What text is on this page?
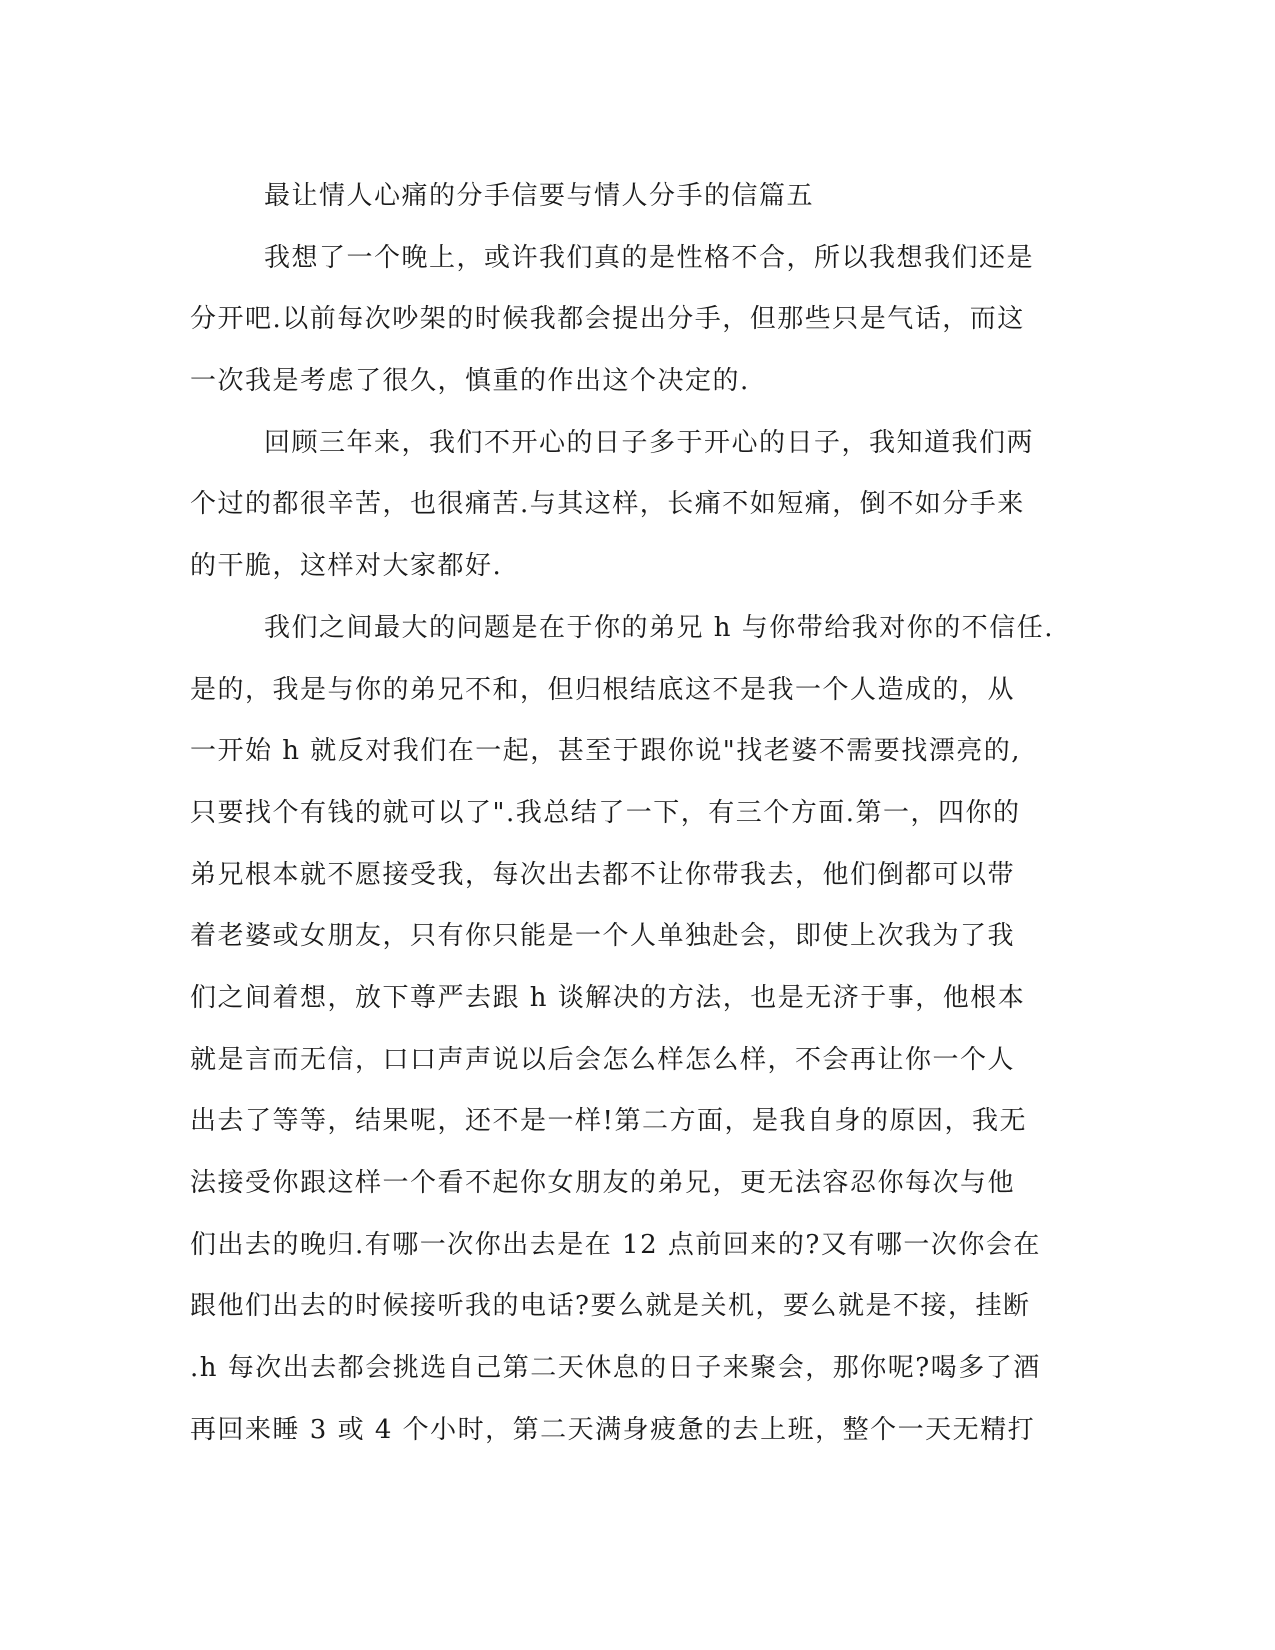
最让情人心痛的分手信要与情人分手的信篇五
我想了一个晚上，或许我们真的是性格不合，所以我想我们还是
分开吧.以前每次吵架的时候我都会提出分手，但那些只是气话，而这
一次我是考虑了很久，慎重的作出这个决定的.
回顾三年来，我们不开心的日子多于开心的日子，我知道我们两
个过的都很辛苦，也很痛苦.与其这样，长痛不如短痛，倒不如分手来
的干脆，这样对大家都好.
我们之间最大的问题是在于你的弟兄 h 与你带给我对你的不信任.
是的，我是与你的弟兄不和，但归根结底这不是我一个人造成的，从
一开始 h 就反对我们在一起，甚至于跟你说"找老婆不需要找漂亮的,
只要找个有钱的就可以了".我总结了一下，有三个方面.第一，四你的
弟兄根本就不愿接受我，每次出去都不让你带我去，他们倒都可以带
着老婆或女朋友，只有你只能是一个人单独赴会，即使上次我为了我
们之间着想，放下尊严去跟 h 谈解决的方法，也是无济于事，他根本
就是言而无信，口口声声说以后会怎么样怎么样，不会再让你一个人
出去了等等，结果呢，还不是一样!第二方面，是我自身的原因，我无
法接受你跟这样一个看不起你女朋友的弟兄，更无法容忍你每次与他
们出去的晚归.有哪一次你出去是在 12 点前回来的?又有哪一次你会在
跟他们出去的时候接听我的电话?要么就是关机，要么就是不接，挂断
.h 每次出去都会挑选自己第二天休息的日子来聚会，那你呢?喝多了酒
再回来睡 3 或 4 个小时，第二天满身疲惫的去上班，整个一天无精打
